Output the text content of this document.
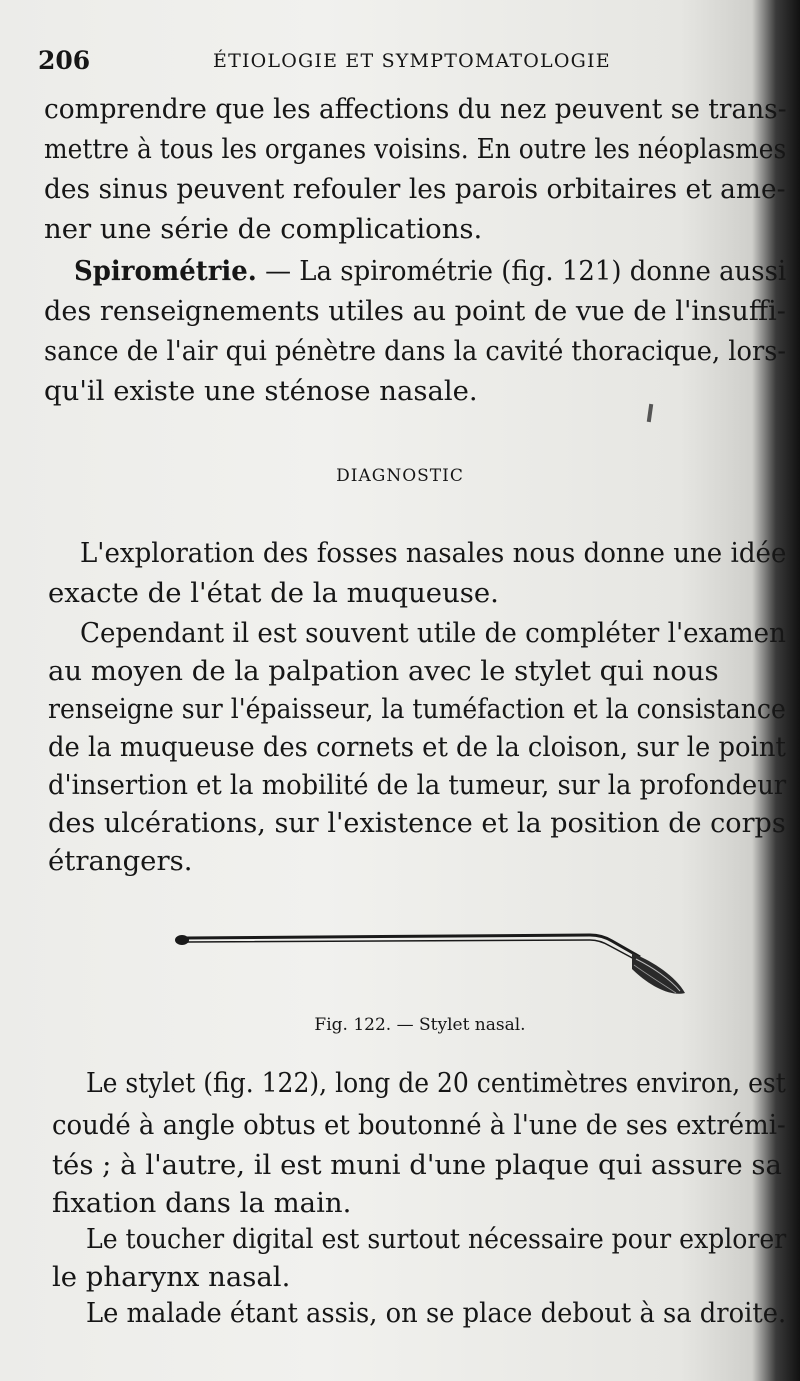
206	ÉTIOLOGIE ET SYMPTOMATOLOGIE
comprendre que les affections du nez peuvent se trans-
mettre à tous les organes voisins. En outre les néoplasmes
des sinus peuvent refouler les parois orbitaires et ame-
ner une série de complications.
Spirométrie. — La spirométrie (fig. 121) donne aussi
des renseignements utiles au point de vue de l'insuffi-
sance de l'air qui pénètre dans la cavité thoracique, lors-
qu'il existe une sténose nasale.
DIAGNOSTIC
L'exploration des fosses nasales nous donne une idée
exacte de l'état de la muqueuse.
Cependant il est souvent utile de compléter l'examen
au moyen de la palpation avec le stylet qui nous
renseigne sur l'épaisseur, la tuméfaction et la consistance
de la muqueuse des cornets et de la cloison, sur le point
d'insertion et la mobilité de la tumeur, sur la profondeur
des ulcérations, sur l'existence et la position de corps
étrangers.
Fig. 122. — Stylet nasal.
Le stylet (fig. 122), long de 20 centimètres environ, est
coudé à angle obtus et boutonné à l'une de ses extrémi-
tés ; à l'autre, il est muni d'une plaque qui assure sa
fixation dans la main.
Le toucher digital est surtout nécessaire pour explorer
le pharynx nasal.
Le malade étant assis, on se place debout à sa droite.
